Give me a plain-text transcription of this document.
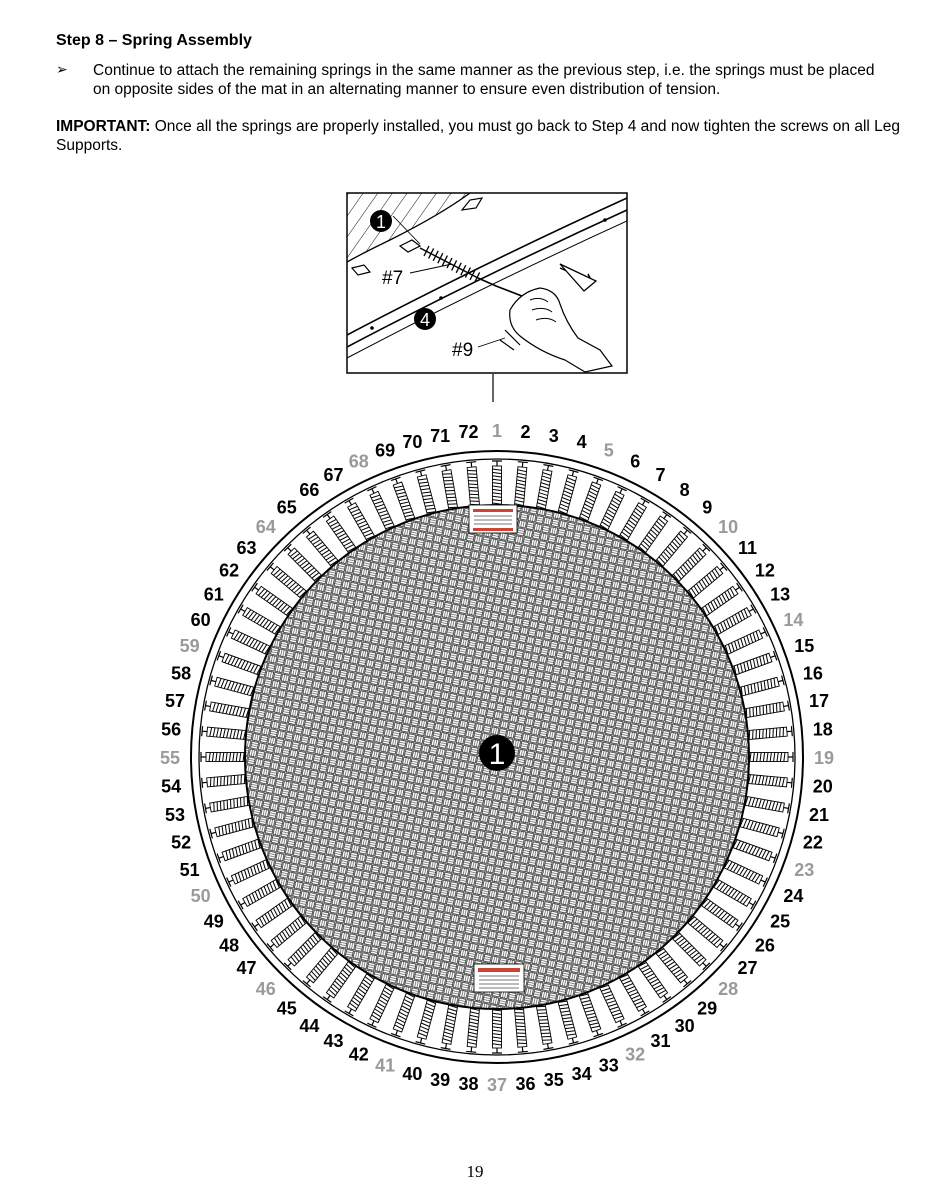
Step 8 – Spring Assembly
➢ Continue to attach the remaining springs in the same manner as the previous step, i.e. the springs must be placed on opposite sides of the mat in an alternating manner to ensure even distribution of tension.
IMPORTANT: Once all the springs are properly installed, you must go back to Step 4 and now tighten the screws on all Leg Supports.
1
4
#7
#9
1
1 2 3 4 5
6
7
8
9
10
11
12
13
14
15
16
17
18
19
20
21
22
23
24
25
26
27
28
29
30
31
32
33
34
35
36
37
38
39
40
41
42
43
44
45
46
47
48
49
50
51
52
53
54
55
56
57
58
59
60
61
62
63
64
65
66
67
68
69 70 71 72
19
